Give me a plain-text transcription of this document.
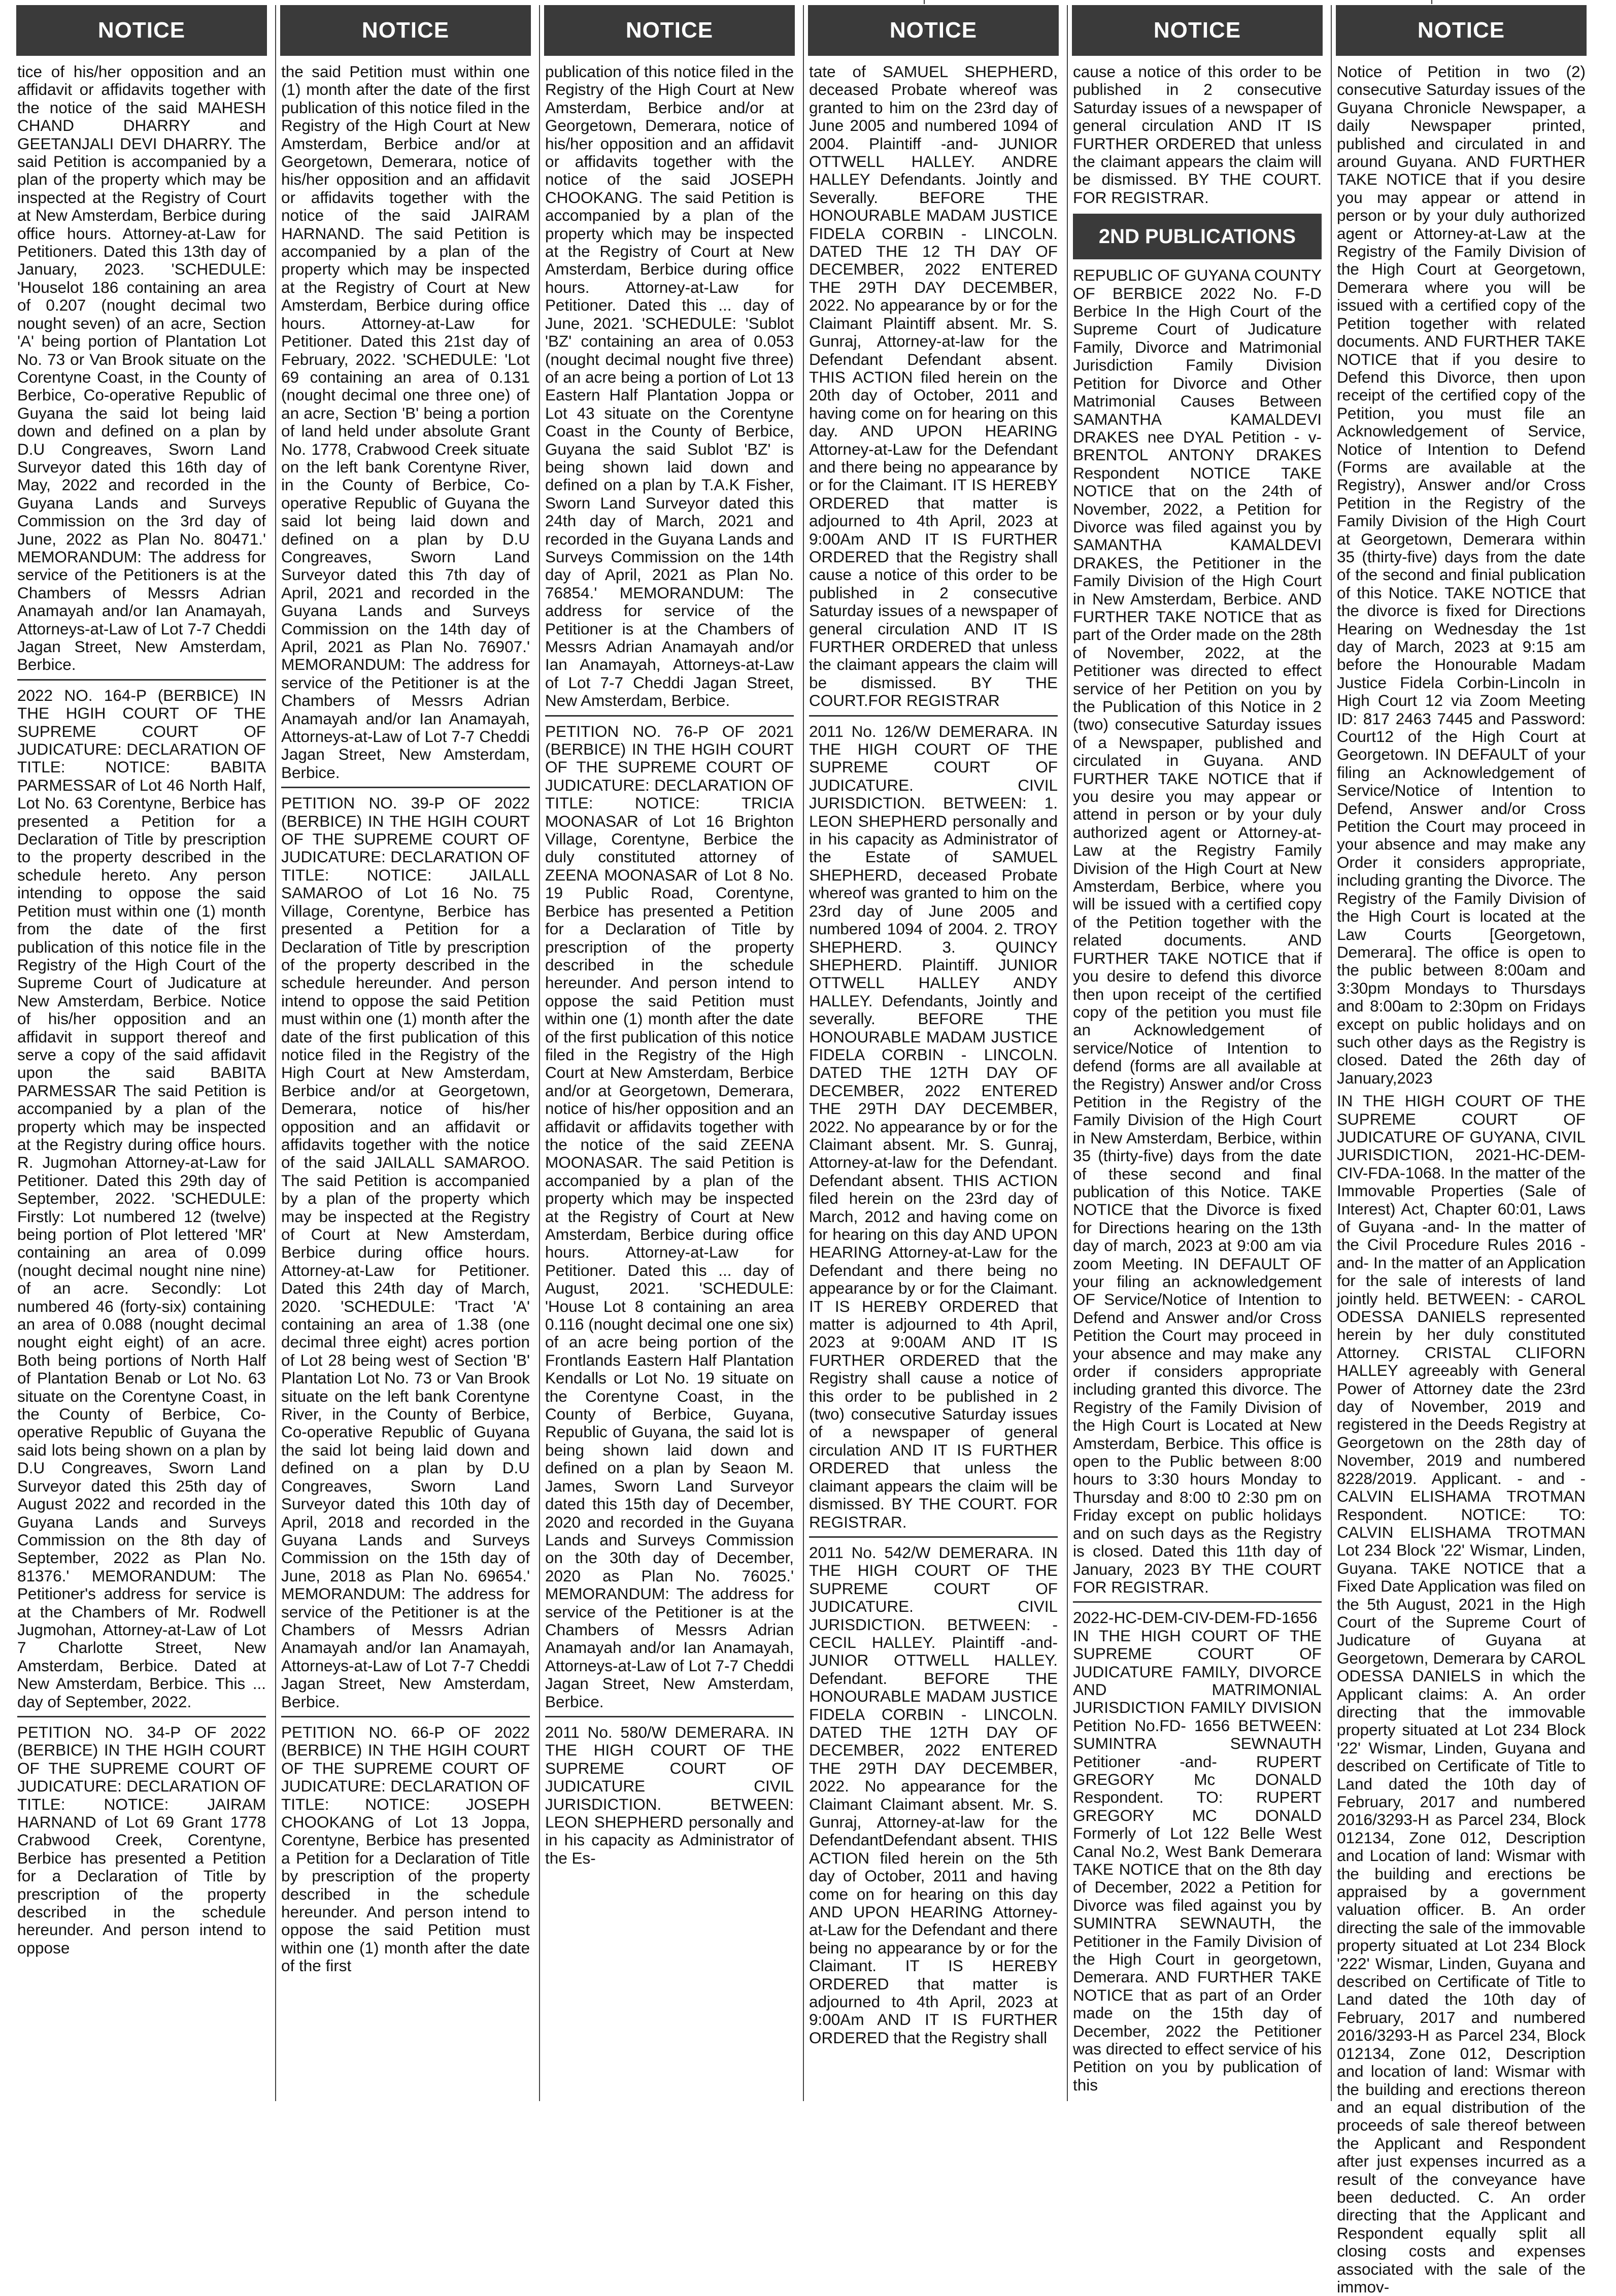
NOTICE

tice of his/her opposition and an affidavit or affidavits together with the notice of the said MAHESH CHAND DHARRY and GEETANJALI DEVI DHARRY. The said Petition is accompanied by a plan of the property which may be inspected at the Registry of Court at New Amsterdam, Berbice during office hours. Attorney-at-Law for Petitioners. Dated this 13th day of January, 2023. 'SCHEDULE: 'Houselot 186 containing an area of 0.207 (nought decimal two nought seven) of an acre, Section 'A' being portion of Plantation Lot No. 73 or Van Brook situate on the Corentyne Coast, in the County of Berbice, Co-operative Republic of Guyana the said lot being laid down and defined on a plan by D.U Congreaves, Sworn Land Surveyor dated this 16th day of May, 2022 and recorded in the Guyana Lands and Surveys Commission on the 3rd day of June, 2022 as Plan No. 80471.' MEMORANDUM: The address for service of the Petitioners is at the Chambers of Messrs Adrian Anamayah and/or Ian Anamayah, Attorneys-at-Law of Lot 7-7 Cheddi Jagan Street, New Amsterdam, Berbice.

2022 NO. 164-P (BERBICE) IN THE HGIH COURT OF THE SUPREME COURT OF JUDICATURE: DECLARATION OF TITLE: NOTICE: BABITA PARMESSAR of Lot 46 North Half, Lot No. 63 Corentyne, Berbice has presented a Petition for a Declaration of Title by prescription to the property described in the schedule hereto. Any person intending to oppose the said Petition must within one (1) month from the date of the first publication of this notice file in the Registry of the High Court of the Supreme Court of Judicature at New Amsterdam, Berbice. Notice of his/her opposition and an affidavit in support thereof and serve a copy of the said affidavit upon the said BABITA PARMESSAR The said Petition is accompanied by a plan of the property which may be inspected at the Registry during office hours. R. Jugmohan Attorney-at-Law for Petitioner. Dated this 29th day of September, 2022. 'SCHEDULE: Firstly: Lot numbered 12 (twelve) being portion of Plot lettered 'MR' containing an area of 0.099 (nought decimal nought nine nine) of an acre. Secondly: Lot numbered 46 (forty-six) containing an area of 0.088 (nought decimal nought eight eight) of an acre. Both being portions of North Half of Plantation Benab or Lot No. 63 situate on the Corentyne Coast, in the County of Berbice, Co-operative Republic of Guyana the said lots being shown on a plan by D.U Congreaves, Sworn Land Surveyor dated this 25th day of August 2022 and recorded in the Guyana Lands and Surveys Commission on the 8th day of September, 2022 as Plan No. 81376.' MEMORANDUM: The Petitioner's address for service is at the Chambers of Mr. Rodwell Jugmohan, Attorney-at-Law of Lot 7 Charlotte Street, New Amsterdam, Berbice. Dated at New Amsterdam, Berbice. This ... day of September, 2022.

PETITION NO. 34-P OF 2022 (BERBICE) IN THE HGIH COURT OF THE SUPREME COURT OF JUDICATURE: DECLARATION OF TITLE: NOTICE: JAIRAM HARNAND of Lot 69 Grant 1778 Crabwood Creek, Corentyne, Berbice has presented a Petition for a Declaration of Title by prescription of the property described in the schedule hereunder. And person intend to oppose

NOTICE

the said Petition must within one (1) month after the date of the first publication of this notice filed in the Registry of the High Court at New Amsterdam, Berbice and/or at Georgetown, Demerara, notice of his/her opposition and an affidavit or affidavits together with the notice of the said JAIRAM HARNAND. The said Petition is accompanied by a plan of the property which may be inspected at the Registry of Court at New Amsterdam, Berbice during office hours. Attorney-at-Law for Petitioner. Dated this 21st day of February, 2022. 'SCHEDULE: 'Lot 69 containing an area of 0.131 (nought decimal one three one) of an acre, Section 'B' being a portion of land held under absolute Grant No. 1778, Crabwood Creek situate on the left bank Corentyne River, in the County of Berbice, Co-operative Republic of Guyana the said lot being laid down and defined on a plan by D.U Congreaves, Sworn Land Surveyor dated this 7th day of April, 2021 and recorded in the Guyana Lands and Surveys Commission on the 14th day of April, 2021 as Plan No. 76907.' MEMORANDUM: The address for service of the Petitioner is at the Chambers of Messrs Adrian Anamayah and/or Ian Anamayah, Attorneys-at-Law of Lot 7-7 Cheddi Jagan Street, New Amsterdam, Berbice.

PETITION NO. 39-P OF 2022 (BERBICE) IN THE HGIH COURT OF THE SUPREME COURT OF JUDICATURE: DECLARATION OF TITLE: NOTICE: JAILALL SAMAROO of Lot 16 No. 75 Village, Corentyne, Berbice has presented a Petition for a Declaration of Title by prescription of the property described in the schedule hereunder. And person intend to oppose the said Petition must within one (1) month after the date of the first publication of this notice filed in the Registry of the High Court at New Amsterdam, Berbice and/or at Georgetown, Demerara, notice of his/her opposition and an affidavit or affidavits together with the notice of the said JAILALL SAMAROO. The said Petition is accompanied by a plan of the property which may be inspected at the Registry of Court at New Amsterdam, Berbice during office hours. Attorney-at-Law for Petitioner. Dated this 24th day of March, 2020. 'SCHEDULE: 'Tract 'A' containing an area of 1.38 (one decimal three eight) acres portion of Lot 28 being west of Section 'B' Plantation Lot No. 73 or Van Brook situate on the left bank Corentyne River, in the County of Berbice, Co-operative Republic of Guyana the said lot being laid down and defined on a plan by D.U Congreaves, Sworn Land Surveyor dated this 10th day of April, 2018 and recorded in the Guyana Lands and Surveys Commission on the 15th day of June, 2018 as Plan No. 69654.' MEMORANDUM: The address for service of the Petitioner is at the Chambers of Messrs Adrian Anamayah and/or Ian Anamayah, Attorneys-at-Law of Lot 7-7 Cheddi Jagan Street, New Amsterdam, Berbice.

PETITION NO. 66-P OF 2022 (BERBICE) IN THE HGIH COURT OF THE SUPREME COURT OF JUDICATURE: DECLARATION OF TITLE: NOTICE: JOSEPH CHOOKANG of Lot 13 Joppa, Corentyne, Berbice has presented a Petition for a Declaration of Title by prescription of the property described in the schedule hereunder. And person intend to oppose the said Petition must within one (1) month after the date of the first

NOTICE

publication of this notice filed in the Registry of the High Court at New Amsterdam, Berbice and/or at Georgetown, Demerara, notice of his/her opposition and an affidavit or affidavits together with the notice of the said JOSEPH CHOOKANG. The said Petition is accompanied by a plan of the property which may be inspected at the Registry of Court at New Amsterdam, Berbice during office hours. Attorney-at-Law for Petitioner. Dated this ... day of June, 2021. 'SCHEDULE: 'Sublot 'BZ' containing an area of 0.053 (nought decimal nought five three) of an acre being a portion of Lot 13 Eastern Half Plantation Joppa or Lot 43 situate on the Corentyne Coast in the County of Berbice, Guyana the said Sublot 'BZ' is being shown laid down and defined on a plan by T.A.K Fisher, Sworn Land Surveyor dated this 24th day of March, 2021 and recorded in the Guyana Lands and Surveys Commission on the 14th day of April, 2021 as Plan No. 76854.' MEMORANDUM: The address for service of the Petitioner is at the Chambers of Messrs Adrian Anamayah and/or Ian Anamayah, Attorneys-at-Law of Lot 7-7 Cheddi Jagan Street, New Amsterdam, Berbice.

PETITION NO. 76-P OF 2021 (BERBICE) IN THE HGIH COURT OF THE SUPREME COURT OF JUDICATURE: DECLARATION OF TITLE: NOTICE: TRICIA MOONASAR of Lot 16 Brighton Village, Corentyne, Berbice the duly constituted attorney of ZEENA MOONASAR of Lot 8 No. 19 Public Road, Corentyne, Berbice has presented a Petition for a Declaration of Title by prescription of the property described in the schedule hereunder. And person intend to oppose the said Petition must within one (1) month after the date of the first publication of this notice filed in the Registry of the High Court at New Amsterdam, Berbice and/or at Georgetown, Demerara, notice of his/her opposition and an affidavit or affidavits together with the notice of the said ZEENA MOONASAR. The said Petition is accompanied by a plan of the property which may be inspected at the Registry of Court at New Amsterdam, Berbice during office hours. Attorney-at-Law for Petitioner. Dated this ... day of August, 2021. 'SCHEDULE: 'House Lot 8 containing an area 0.116 (nought decimal one one six) of an acre being portion of the Frontlands Eastern Half Plantation Kendalls or Lot No. 19 situate on the Corentyne Coast, in the County of Berbice, Guyana, Republic of Guyana, the said lot is being shown laid down and defined on a plan by Seaon M. James, Sworn Land Surveyor dated this 15th day of December, 2020 and recorded in the Guyana Lands and Surveys Commission on the 30th day of December, 2020 as Plan No. 76025.' MEMORANDUM: The address for service of the Petitioner is at the Chambers of Messrs Adrian Anamayah and/or Ian Anamayah, Attorneys-at-Law of Lot 7-7 Cheddi Jagan Street, New Amsterdam, Berbice.

2011 No. 580/W DEMERARA. IN THE HIGH COURT OF THE SUPREME COURT OF JUDICATURE CIVIL JURISDICTION. BETWEEN: LEON SHEPHERD personally and in his capacity as Administrator of the Es-

NOTICE

tate of SAMUEL SHEPHERD, deceased Probate whereof was granted to him on the 23rd day of June 2005 and numbered 1094 of 2004. Plaintiff -and- JUNIOR OTTWELL HALLEY. ANDRE HALLEY Defendants. Jointly and Severally. BEFORE THE HONOURABLE MADAM JUSTICE FIDELA CORBIN - LINCOLN. DATED THE 12 TH DAY OF DECEMBER, 2022 ENTERED THE 29TH DAY DECEMBER, 2022. No appearance by or for the Claimant Plaintiff absent. Mr. S. Gunraj, Attorney-at-law for the Defendant Defendant absent. THIS ACTION filed herein on the 20th day of October, 2011 and having come on for hearing on this day. AND UPON HEARING Attorney-at-Law for the Defendant and there being no appearance by or for the Claimant. IT IS HEREBY ORDERED that matter is adjourned to 4th April, 2023 at 9:00Am AND IT IS FURTHER ORDERED that the Registry shall cause a notice of this order to be published in 2 consecutive Saturday issues of a newspaper of general circulation AND IT IS FURTHER ORDERED that unless the claimant appears the claim will be dismissed. BY THE COURT.FOR REGISTRAR

2011 No. 126/W DEMERARA. IN THE HIGH COURT OF THE SUPREME COURT OF JUDICATURE. CIVIL JURISDICTION. BETWEEN: 1. LEON SHEPHERD personally and in his capacity as Administrator of the Estate of SAMUEL SHEPHERD, deceased Probate whereof was granted to him on the 23rd day of June 2005 and numbered 1094 of 2004. 2. TROY SHEPHERD. 3. QUINCY SHEPHERD. Plaintiff. JUNIOR OTTWELL HALLEY ANDY HALLEY. Defendants, Jointly and severally. BEFORE THE HONOURABLE MADAM JUSTICE FIDELA CORBIN - LINCOLN. DATED THE 12TH DAY OF DECEMBER, 2022 ENTERED THE 29TH DAY DECEMBER, 2022. No appearance by or for the Claimant absent. Mr. S. Gunraj, Attorney-at-law for the Defendant. Defendant absent. THIS ACTION filed herein on the 23rd day of March, 2012 and having come on for hearing on this day AND UPON HEARING Attorney-at-Law for the Defendant and there being no appearance by or for the Claimant. IT IS HEREBY ORDERED that matter is adjourned to 4th April, 2023 at 9:00AM AND IT IS FURTHER ORDERED that the Registry shall cause a notice of this order to be published in 2 (two) consecutive Saturday issues of a newspaper of general circulation AND IT IS FURTHER ORDERED that unless the claimant appears the claim will be dismissed. BY THE COURT. FOR REGISTRAR.

2011 No. 542/W DEMERARA. IN THE HIGH COURT OF THE SUPREME COURT OF JUDICATURE. CIVIL JURISDICTION. BETWEEN: -CECIL HALLEY. Plaintiff -and- JUNIOR OTTWELL HALLEY. Defendant. BEFORE THE HONOURABLE MADAM JUSTICE FIDELA CORBIN - LINCOLN. DATED THE 12TH DAY OF DECEMBER, 2022 ENTERED THE 29TH DAY DECEMBER, 2022. No appearance for the Claimant Claimant absent. Mr. S. Gunraj, Attorney-at-law for the DefendantDefendant absent. THIS ACTION filed herein on the 5th day of October, 2011 and having come on for hearing on this day AND UPON HEARING Attorney-at-Law for the Defendant and there being no appearance by or for the Claimant. IT IS HEREBY ORDERED that matter is adjourned to 4th April, 2023 at 9:00Am AND IT IS FURTHER ORDERED that the Registry shall

NOTICE

cause a notice of this order to be published in 2 consecutive Saturday issues of a newspaper of general circulation AND IT IS FURTHER ORDERED that unless the claimant appears the claim will be dismissed. BY THE COURT. FOR REGISTRAR.

2ND PUBLICATIONS

REPUBLIC OF GUYANA COUNTY OF BERBICE 2022 No. F-D Berbice In the High Court of the Supreme Court of Judicature Family, Divorce and Matrimonial Jurisdiction Family Division Petition for Divorce and Other Matrimonial Causes Between SAMANTHA KAMALDEVI DRAKES nee DYAL Petition - v- BRENTOL ANTONY DRAKES Respondent NOTICE TAKE NOTICE that on the 24th of November, 2022, a Petition for Divorce was filed against you by SAMANTHA KAMALDEVI DRAKES, the Petitioner in the Family Division of the High Court in New Amsterdam, Berbice. AND FURTHER TAKE NOTICE that as part of the Order made on the 28th of November, 2022, at the Petitioner was directed to effect service of her Petition on you by the Publication of this Notice in 2 (two) consecutive Saturday issues of a Newspaper, published and circulated in Guyana. AND FURTHER TAKE NOTICE that if you desire you may appear or attend in person or by your duly authorized agent or Attorney-at-Law at the Registry Family Division of the High Court at New Amsterdam, Berbice, where you will be issued with a certified copy of the Petition together with the related documents. AND FURTHER TAKE NOTICE that if you desire to defend this divorce then upon receipt of the certified copy of the petition you must file an Acknowledgement of service/Notice of Intention to defend (forms are all available at the Registry) Answer and/or Cross Petition in the Registry of the Family Division of the High Court in New Amsterdam, Berbice, within 35 (thirty-five) days from the date of these second and final publication of this Notice. TAKE NOTICE that the Divorce is fixed for Directions hearing on the 13th day of march, 2023 at 9:00 am via zoom Meeting. IN DEFAULT OF your filing an acknowledgement OF Service/Notice of Intention to Defend and Answer and/or Cross Petition the Court may proceed in your absence and may make any order if considers appropriate including granted this divorce. The Registry of the Family Division of the High Court is Located at New Amsterdam, Berbice. This office is open to the Public between 8:00 hours to 3:30 hours Monday to Thursday and 8:00 t0 2:30 pm on Friday except on public holidays and on such days as the Registry is closed. Dated this 11th day of January, 2023 BY THE COURT FOR REGISTRAR.

2022-HC-DEM-CIV-DEM-FD-1656 IN THE HIGH COURT OF THE SUPREME COURT OF JUDICATURE FAMILY, DIVORCE AND MATRIMONIAL JURISDICTION FAMILY DIVISION Petition No.FD- 1656 BETWEEN: SUMINTRA SEWNAUTH Petitioner -and- RUPERT GREGORY Mc DONALD Respondent. TO: RUPERT GREGORY MC DONALD Formerly of Lot 122 Belle West Canal No.2, West Bank Demerara TAKE NOTICE that on the 8th day of December, 2022 a Petition for Divorce was filed against you by SUMINTRA SEWNAUTH, the Petitioner in the Family Division of the High Court in georgetown, Demerara. AND FURTHER TAKE NOTICE that as part of an Order made on the 15th day of December, 2022 the Petitioner was directed to effect service of his Petition on you by publication of this

NOTICE

Notice of Petition in two (2) consecutive Saturday issues of the Guyana Chronicle Newspaper, a daily Newspaper printed, published and circulated in and around Guyana. AND FURTHER TAKE NOTICE that if you desire you may appear or attend in person or by your duly authorized agent or Attorney-at-Law at the Registry of the Family Division of the High Court at Georgetown, Demerara where you will be issued with a certified copy of the Petition together with related documents. AND FURTHER TAKE NOTICE that if you desire to Defend this Divorce, then upon receipt of the certified copy of the Petition, you must file an Acknowledgement of Service, Notice of Intention to Defend (Forms are available at the Registry), Answer and/or Cross Petition in the Registry of the Family Division of the High Court at Georgetown, Demerara within 35 (thirty-five) days from the date of the second and finial publication of this Notice. TAKE NOTICE that the divorce is fixed for Directions Hearing on Wednesday the 1st day of March, 2023 at 9:15 am before the Honourable Madam Justice Fidela Corbin-Lincoln in High Court 12 via Zoom Meeting ID: 817 2463 7445 and Password: Court12 of the High Court at Georgetown. IN DEFAULT of your filing an Acknowledgement of Service/Notice of Intention to Defend, Answer and/or Cross Petition the Court may proceed in your absence and may make any Order it considers appropriate, including granting the Divorce. The Registry of the Family Division of the High Court is located at the Law Courts [Georgetown, Demerara]. The office is open to the public between 8:00am and 3:30pm Mondays to Thursdays and 8:00am to 2:30pm on Fridays except on public holidays and on such other days as the Registry is closed. Dated the 26th day of January,2023

IN THE HIGH COURT OF THE SUPREME COURT OF JUDICATURE OF GUYANA, CIVIL JURISDICTION, 2021-HC-DEM-CIV-FDA-1068. In the matter of the Immovable Properties (Sale of Interest) Act, Chapter 60:01, Laws of Guyana -and- In the matter of the Civil Procedure Rules 2016 -and- In the matter of an Application for the sale of interests of land jointly held. BETWEEN: - CAROL ODESSA DANIELS represented herein by her duly constituted Attorney. CRISTAL CLIFORN HALLEY agreeably with General Power of Attorney date the 23rd day of November, 2019 and registered in the Deeds Registry at Georgetown on the 28th day of November, 2019 and numbered 8228/2019. Applicant. - and - CALVIN ELISHAMA TROTMAN Respondent. NOTICE: TO: CALVIN ELISHAMA TROTMAN Lot 234 Block '22' Wismar, Linden, Guyana. TAKE NOTICE that a Fixed Date Application was filed on the 5th August, 2021 in the High Court of the Supreme Court of Judicature of Guyana at Georgetown, Demerara by CAROL ODESSA DANIELS in which the Applicant claims: A. An order directing that the immovable property situated at Lot 234 Block '22' Wismar, Linden, Guyana and described on Certificate of Title to Land dated the 10th day of February, 2017 and numbered 2016/3293-H as Parcel 234, Block 012134, Zone 012, Description and Location of land: Wismar with the building and erections be appraised by a government valuation officer. B. An order directing the sale of the immovable property situated at Lot 234 Block '222' Wismar, Linden, Guyana and described on Certificate of Title to Land dated the 10th day of February, 2017 and numbered 2016/3293-H as Parcel 234, Block 012134, Zone 012, Description and location of land: Wismar with the building and erections thereon and an equal distribution of the proceeds of sale thereof between the Applicant and Respondent after just expenses incurred as a result of the conveyance have been deducted. C. An order directing that the Applicant and Respondent equally split all closing costs and expenses associated with the sale of the immov-
